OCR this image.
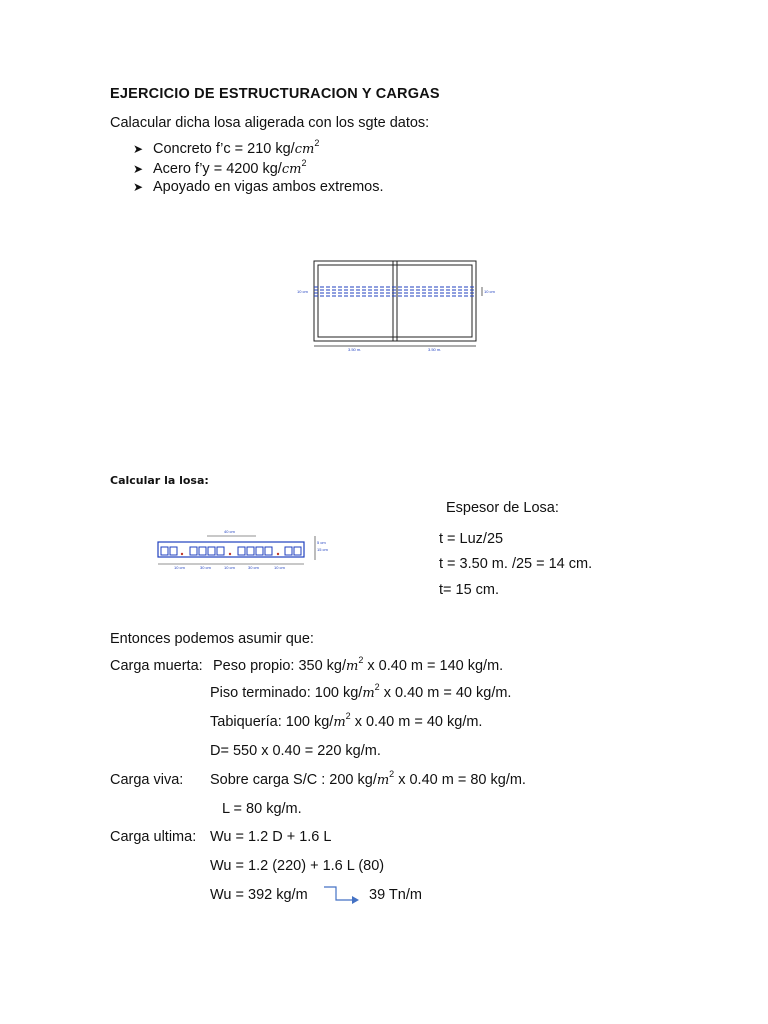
EJERCICIO DE ESTRUCTURACION Y CARGAS
Calacular dicha losa aligerada con los sgte datos:
➤ Concreto f’c = 210 $kg/cm^2$
➤ Acero f’y = 4200 $kg/cm^2$
➤ Apoyado en vigas ambos extremos.
10 cm	10 cm
3.50 m.	3.50 m.
Calcular la losa:
40 cm
5 cm
15 cm
10 cm	30 cm	10 cm	30 cm	10 cm
Espesor de Losa:
t = Luz/25
t = 3.50 m. /25 = 14 cm.
t= 15 cm.
Entonces podemos asumir que:
Carga muerta: Peso propio: 350 $kg/m^2$ x 0.40 m = 140 kg/m.
Piso terminado: 100 $kg/m^2$ x 0.40 m = 40 kg/m.
Tabiquería: 100 $kg/m^2$ x 0.40 m = 40 kg/m.
D= 550 x 0.40 = 220 kg/m.
Carga viva: Sobre carga S/C : 200 $kg/m^2$ x 0.40 m = 80 kg/m.
L = 80 kg/m.
Carga ultima: Wu = 1.2 D + 1.6 L
Wu = 1.2 (220) + 1.6 L (80)
Wu = 392 kg/m	39 Tn/m
